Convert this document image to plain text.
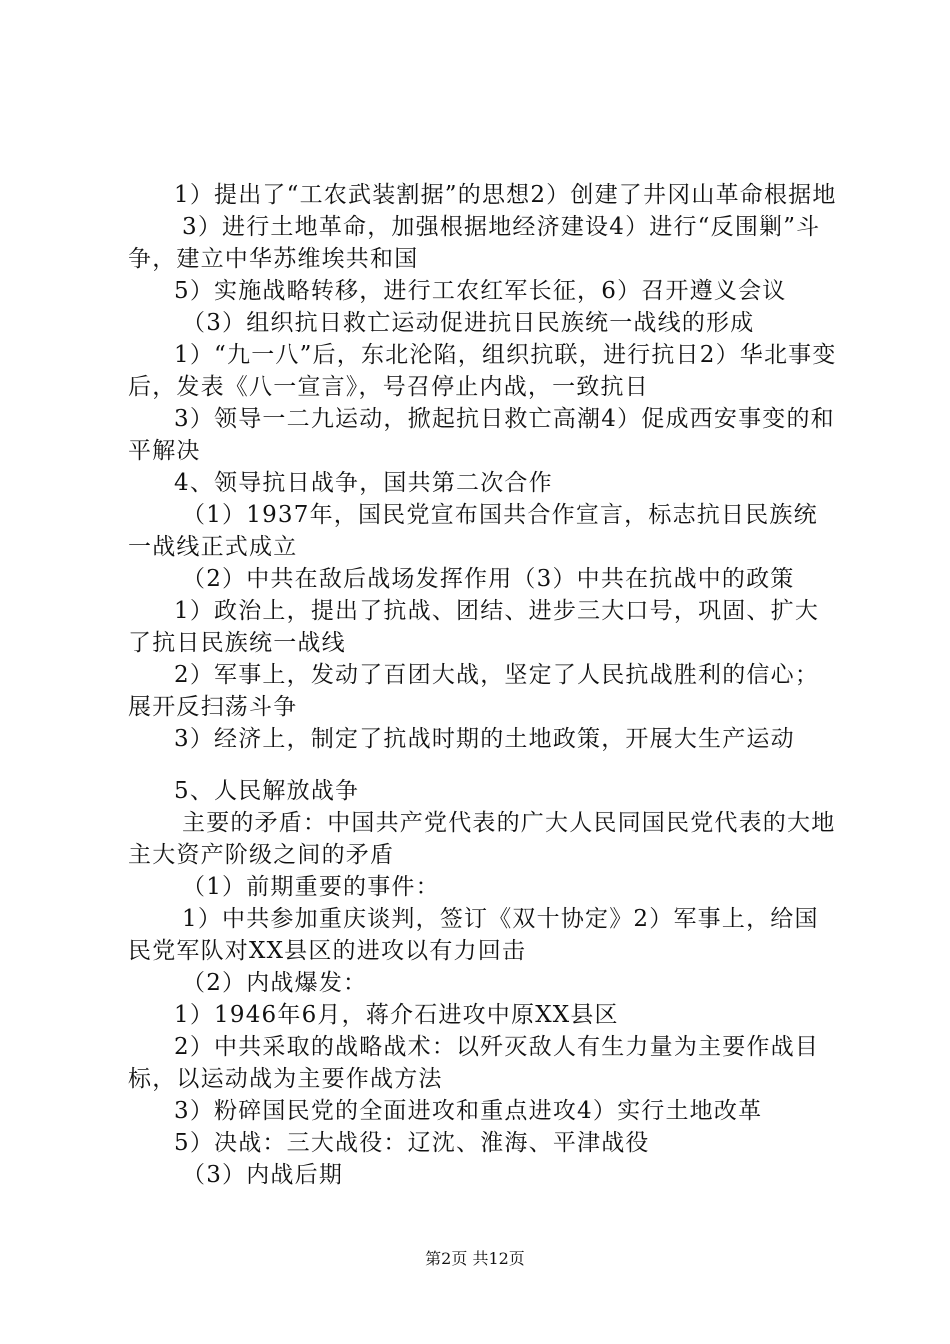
1）提出了“工农武装割据”的思想2）创建了井冈山革命根据地

3）进行土地革命，加强根据地经济建设4）进行“反围剿”斗争，建立中华苏维埃共和国

5）实施战略转移，进行工农红军长征，6）召开遵义会议

（3）组织抗日救亡运动促进抗日民族统一战线的形成

1）“九一八”后，东北沦陷，组织抗联，进行抗日2）华北事变后，发表《八一宣言》，号召停止内战，一致抗日

3）领导一二九运动，掀起抗日救亡高潮4）促成西安事变的和平解决

4、领导抗日战争，国共第二次合作

（1）1937年，国民党宣布国共合作宣言，标志抗日民族统一战线正式成立

（2）中共在敌后战场发挥作用（3）中共在抗战中的政策

1）政治上，提出了抗战、团结、进步三大口号，巩固、扩大了抗日民族统一战线

2）军事上，发动了百团大战，坚定了人民抗战胜利的信心；展开反扫荡斗争

3）经济上，制定了抗战时期的土地政策，开展大生产运动

5、人民解放战争

主要的矛盾：中国共产党代表的广大人民同国民党代表的大地主大资产阶级之间的矛盾

（1）前期重要的事件：

1）中共参加重庆谈判，签订《双十协定》2）军事上，给国民党军队对XX县区的进攻以有力回击

（2）内战爆发：

1）1946年6月，蒋介石进攻中原XX县区

2）中共采取的战略战术：以歼灭敌人有生力量为主要作战目标，以运动战为主要作战方法

3）粉碎国民党的全面进攻和重点进攻4）实行土地改革

5）决战：三大战役：辽沈、淮海、平津战役

（3）内战后期

第2页 共12页
